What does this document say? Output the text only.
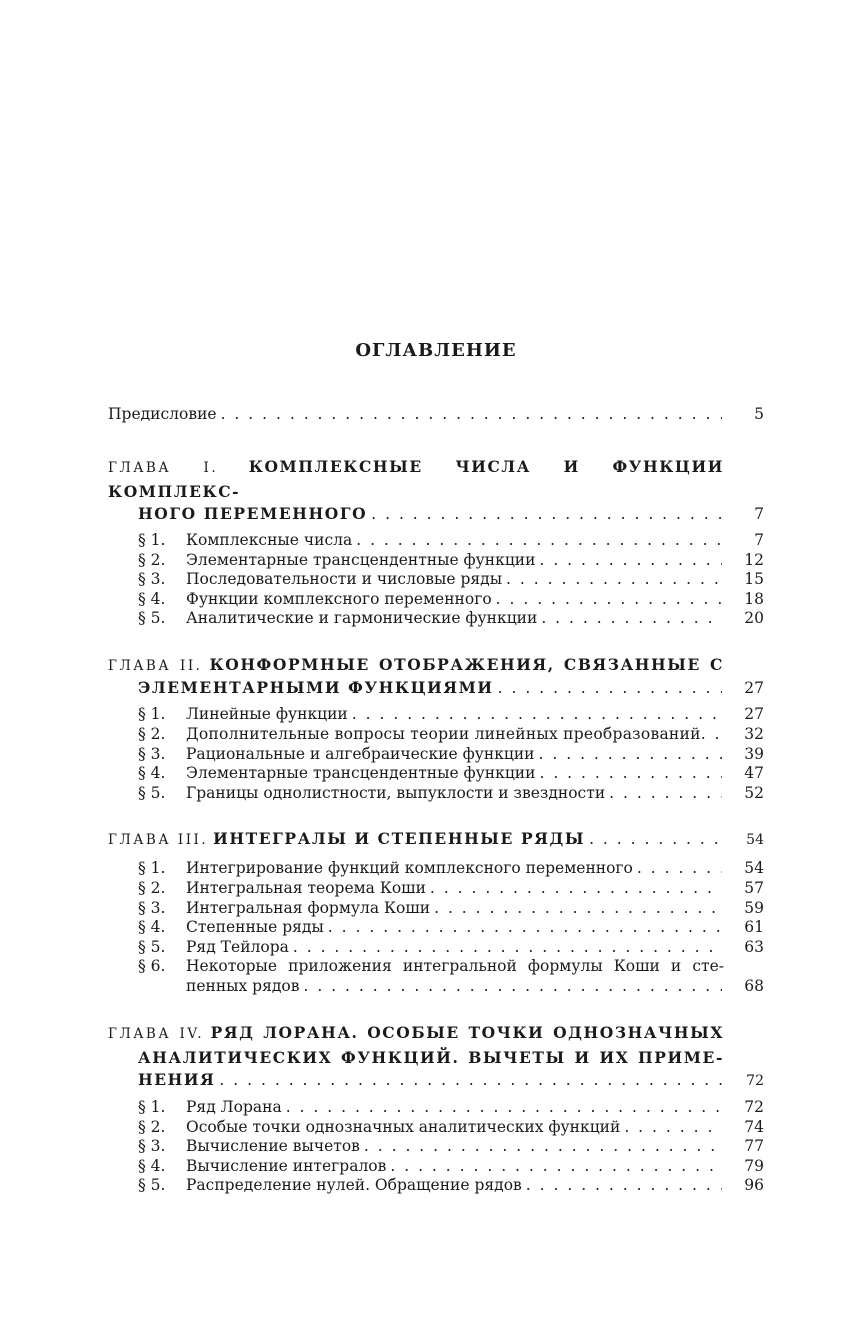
ОГЛАВЛЕНИЕ
Предисловие . . .	5
ГЛАВА I. КОМПЛЕКСНЫЕ ЧИСЛА И ФУНКЦИИ КОМПЛЕКС-
НОГО ПЕРЕМЕННОГО . . .	7
§ 1.	Комплексные числа . . .	7
§ 2.	Элементарные трансцендентные функции . . .	12
§ 3.	Последовательности и числовые ряды . . .	15
§ 4.	Функции комплексного переменного . . .	18
§ 5.	Аналитические и гармонические функции . . .	20
ГЛАВА II. КОНФОРМНЫЕ ОТОБРАЖЕНИЯ, СВЯЗАННЫЕ С
ЭЛЕМЕНТАРНЫМИ ФУНКЦИЯМИ . . .	27
§ 1.	Линейные функции . . .	27
§ 2.	Дополнительные вопросы теории линейных преобразований . . .	32
§ 3.	Рациональные и алгебраические функции . . .	39
§ 4.	Элементарные трансцендентные функции . . .	47
§ 5.	Границы однолистности, выпуклости и звездности . . .	52
ГЛАВА III. ИНТЕГРАЛЫ И СТЕПЕННЫЕ РЯДЫ . . .	54
§ 1.	Интегрирование функций комплексного переменного . . .	54
§ 2.	Интегральная теорема Коши . . .	57
§ 3.	Интегральная формула Коши . . .	59
§ 4.	Степенные ряды . . .	61
§ 5.	Ряд Тейлора . . .	63
§ 6.	Некоторые приложения интегральной формулы Коши и сте-
пенных рядов . . .	68
ГЛАВА IV. РЯД ЛОРАНА. ОСОБЫЕ ТОЧКИ ОДНОЗНАЧНЫХ
АНАЛИТИЧЕСКИХ ФУНКЦИЙ. ВЫЧЕТЫ И ИХ ПРИМЕ-
НЕНИЯ . . .	72
§ 1.	Ряд Лорана . . .	72
§ 2.	Особые точки однозначных аналитических функций . . .	74
§ 3.	Вычисление вычетов . . .	77
§ 4.	Вычисление интегралов . . .	79
§ 5.	Распределение нулей. Обращение рядов . . .	96
